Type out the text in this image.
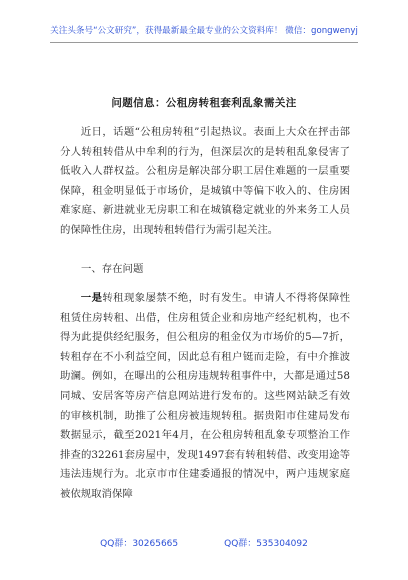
关注头条号“公文研究”，获得最新最全最专业的公文资料库！ 微信：gongwenyj
问题信息：公租房转租套利乱象需关注

近日，话题“公租房转租”引起热议。表面上大众在抨击部分人转租转借从中牟利的行为，但深层次的是转租乱象侵害了低收入人群权益。公租房是解决部分职工居住难题的一层重要保障，租金明显低于市场价，是城镇中等偏下收入的、住房困难家庭、新进就业无房职工和在城镇稳定就业的外来务工人员的保障性住房，出现转租转借行为需引起关注。

一、存在问题

一是转租现象屡禁不绝，时有发生。申请人不得将保障性租赁住房转租、出借，住房租赁企业和房地产经纪机构，也不得为此提供经纪服务，但公租房的租金仅为市场价的5—7折，转租存在不小利益空间，因此总有租户铤而走险，有中介推波助澜。例如，在曝出的公租房违规转租事件中，大都是通过58同城、安居客等房产信息网站进行发布的。这些网站缺乏有效的审核机制，助推了公租房被违规转租。据贵阳市住建局发布数据显示，截至2021年4月，在公租房转租乱象专项整治工作排查的32261套房屋中，发现1497套有转租转借、改变用途等违法违规行为。北京市市住建委通报的情况中，两户违规家庭被依规取消保障

QQ群：30265665	QQ群：535304092
